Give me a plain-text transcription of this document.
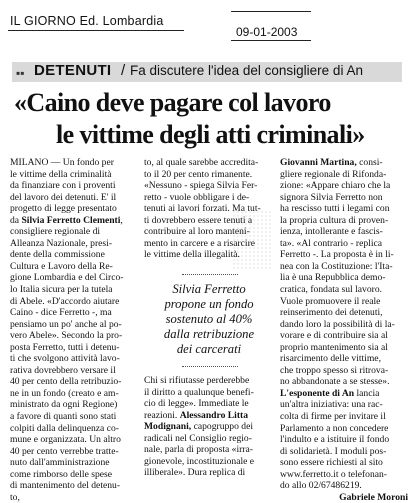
IL GIORNO Ed. Lombardia
09-01-2003
▪▪ DETENUTI / Fa discutere l'idea del consigliere di An
«Caino deve pagare col lavoro
le vittime degli atti criminali»
MILANO — Un fondo per
le vittime della criminalità
da finanziare con i proventi
del lavoro dei detenuti. E' il
progetto di legge presentato
da Silvia Ferretto Clementi,
consigliere regionale di
Alleanza Nazionale, presi-
dente della commissione
Cultura e Lavoro della Re-
gione Lombardia e del Circo-
lo Italia sicura per la tutela
di Abele. «D'accordo aiutare
Caino - dice Ferretto -, ma
pensiamo un po' anche al po-
vero Abele». Secondo la pro-
posta Ferretto, tutti i detenu-
ti che svolgono attività lavo-
rativa dovrebbero versare il
40 per cento della retribuzio-
ne in un fondo (creato e am-
ministrato da ogni Regione)
a favore di quanti sono stati
colpiti dalla delinquenza co-
mune e organizzata. Un altro
40 per cento verrebbe tratte-
nuto dall'amministrazione
come rimborso delle spese
di mantenimento del detenu-
to,
to, al quale sarebbe accredita-
to il 20 per cento rimanente.
«Nessuno - spiega Silvia Fer-
retto - vuole obbligare i de-
tenuti ai lavori forzati. Ma tut-
ti dovrebbero essere tenuti a
contribuire al loro manteni-
mento in carcere e a risarcire
le vittime della illegalità.
Silvia Ferretto
propone un fondo
sostenuto al 40%
dalla retribuzione
dei carcerati
Chi si rifiutasse perderebbe
il diritto a qualunque benefi-
cio di legge». Immediate le
reazioni. Alessandro Litta
Modignani, capogruppo dei
radicali nel Consiglio regio-
nale, parla di proposta «irra-
gionevole, incostituzionale e
illiberale». Dura replica di
Giovanni Martina, consi-
gliere regionale di Rifonda-
zione: «Appare chiaro che la
signora Silvia Ferretto non
ha rescisso tutti i legami con
la propria cultura di proven-
ienza, intollerante e fascis-
ta». «Al contrario - replica
Ferretto -. La proposta è in li-
nea con la Costituzione: l'Ita-
lia è una Repubblica demo-
cratica, fondata sul lavoro.
Vuole promuovere il reale
reinserimento dei detenuti,
dando loro la possibilità di la-
vorare e di contribuire sia al
proprio mantenimento sia al
risarcimento delle vittime,
che troppo spesso si ritrova-
no abbandonate a se stesse».
L'esponente di An lancia
un'altra iniziativa: una rac-
colta di firme per invitare il
Parlamento a non concedere
l'indulto e a istituire il fondo
di solidarietà. I moduli pos-
sono essere richiesti al sito
www.ferretto.it o telefonan-
do allo 02/67486219.
Gabriele Moroni
